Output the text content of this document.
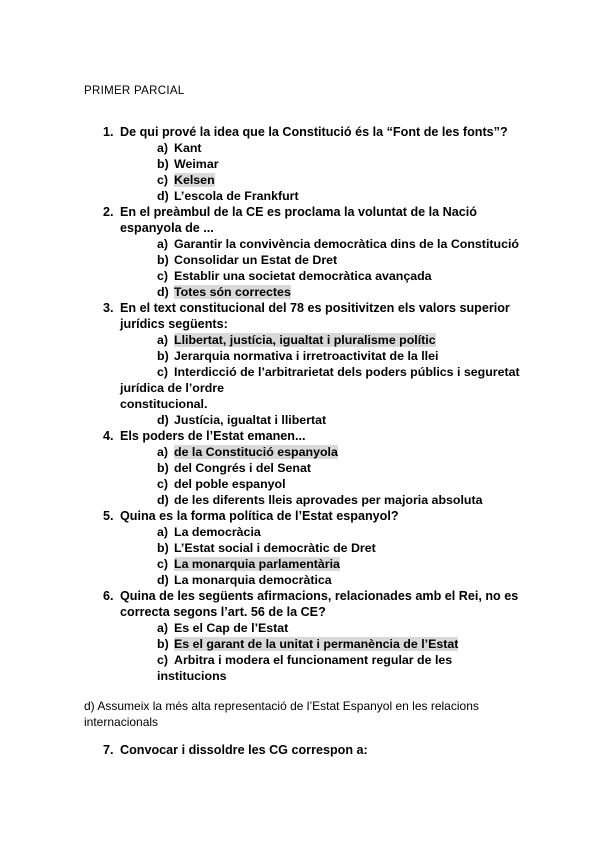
PRIMER PARCIAL
1. De qui prové la idea que la Constitució és la “Font de les fonts”?
a) Kant
b) Weimar
c) Kelsen
d) L’escola de Frankfurt
2. En el preàmbul de la CE es proclama la voluntat de la Nació espanyola de ...
a) Garantir la convivència democràtica dins de la Constitució
b) Consolidar un Estat de Dret
c) Establir una societat democràtica avançada
d) Totes són correctes
3. En el text constitucional del 78 es positivitzen els valors superior jurídics següents:
a) Llibertat, justícia, igualtat i pluralisme polític
b) Jerarquia normativa i irretroactivitat de la llei
c) Interdicció de l’arbitrarietat dels poders públics i seguretat
jurídica de l’ordre
constitucional.
d) Justícia, igualtat i llibertat
4. Els poders de l’Estat emanen...
a) de la Constitució espanyola
b) del Congrés i del Senat
c) del poble espanyol
d) de les diferents lleis aprovades per majoria absoluta
5. Quina es la forma política de l’Estat espanyol?
a) La democràcia
b) L’Estat social i democràtic de Dret
c) La monarquia parlamentària
d) La monarquia democràtica
6. Quina de les següents afirmacions, relacionades amb el Rei, no es correcta segons l’art. 56 de la CE?
a) Es el Cap de l’Estat
b) Es el garant de la unitat i permanència de l’Estat
c) Arbitra i modera el funcionament regular de les institucions
d) Assumeix la més alta representació de l’Estat Espanyol en les relacions internacionals
7. Convocar i dissoldre les CG correspon a:
